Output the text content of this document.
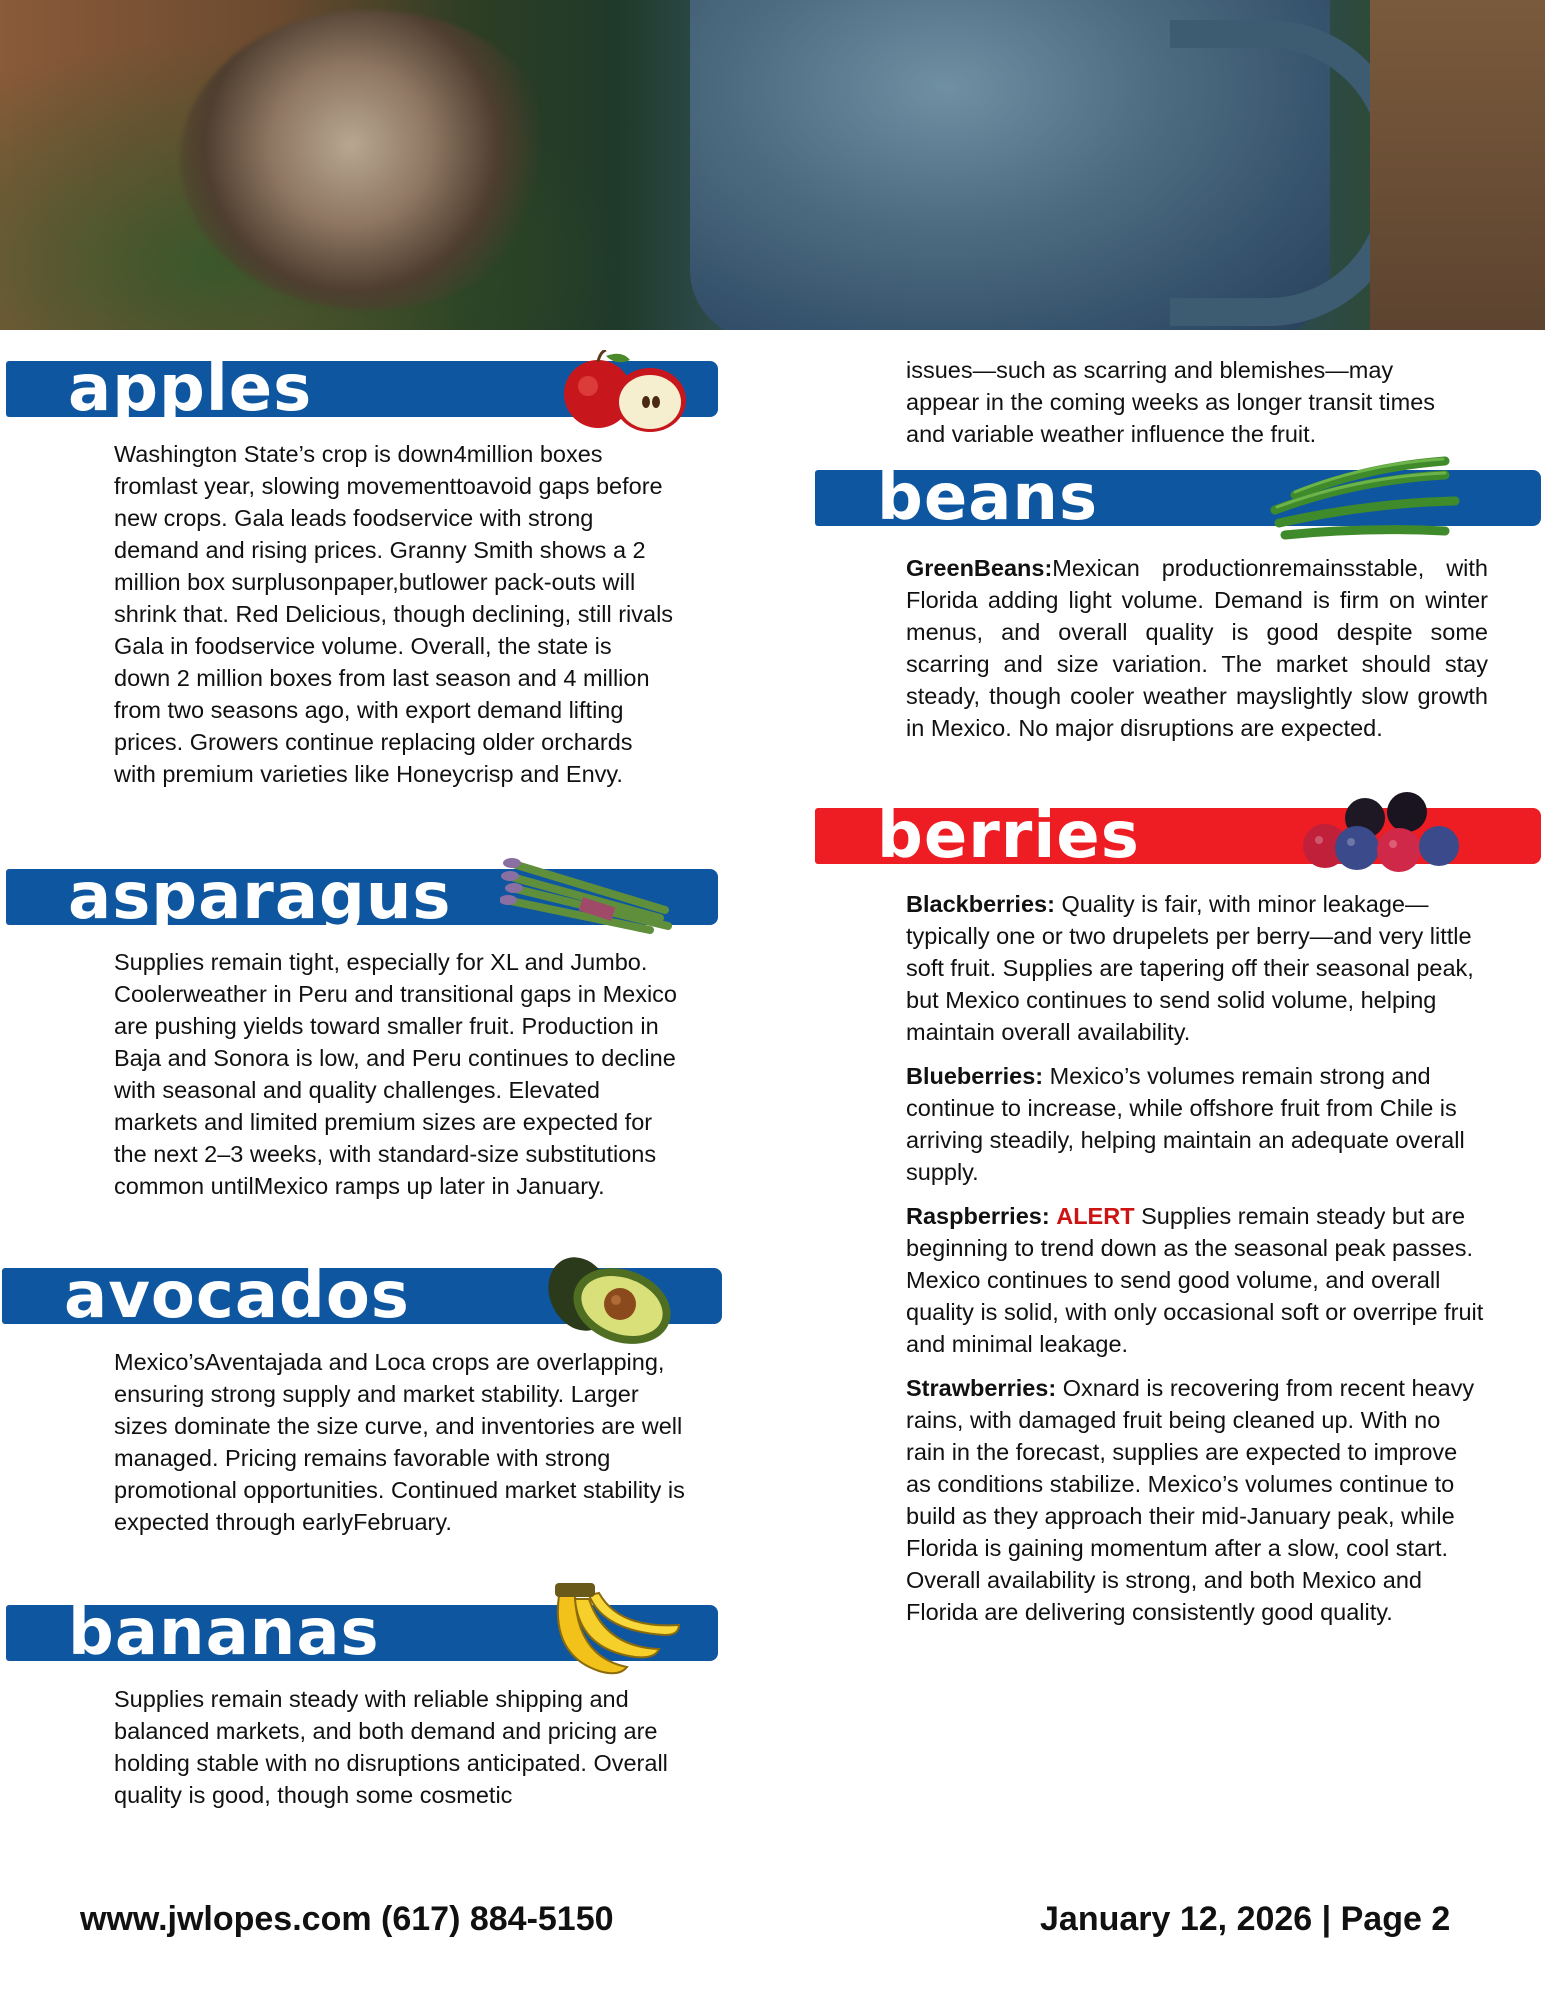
apples

Washington State’s crop is down4million boxes fromlast year, slowing movementtoavoid gaps before new crops. Gala leads foodservice with strong demand and rising prices. Granny Smith shows a 2 million box surplusonpaper,butlower pack-outs will shrink that. Red Delicious, though declining, still rivals Gala in foodservice volume. Overall, the state is down 2 million boxes from last season and 4 million from two seasons ago, with export demand lifting prices. Growers continue replacing older orchards with premium varieties like Honeycrisp and Envy.

asparagus

Supplies remain tight, especially for XL and Jumbo. Coolerweather in Peru and transitional gaps in Mexico are pushing yields toward smaller fruit. Production in Baja and Sonora is low, and Peru continues to decline with seasonal and quality challenges. Elevated markets and limited premium sizes are expected for the next 2–3 weeks, with standard-size substitutions common untilMexico ramps up later in January.

avocados

Mexico’sAventajada and Loca crops are overlapping, ensuring strong supply and market stability. Larger sizes dominate the size curve, and inventories are well managed. Pricing remains favorable with strong promotional opportunities. Continued market stability is expected through earlyFebruary.

bananas

Supplies remain steady with reliable shipping and balanced markets, and both demand and pricing are holding stable with no disruptions anticipated. Overall quality is good, though some cosmetic

issues—such as scarring and blemishes—may appear in the coming weeks as longer transit times and variable weather influence the fruit.

beans

GreenBeans:Mexican productionremainsstable, with Florida adding light volume. Demand is firm on winter menus, and overall quality is good despite some scarring and size variation. The market should stay steady, though cooler weather mayslightly slow growth in Mexico. No major disruptions are expected.

berries

Blackberries: Quality is fair, with minor leakage—typically one or two drupelets per berry—and very little soft fruit. Supplies are tapering off their seasonal peak, but Mexico continues to send solid volume, helping maintain overall availability.

Blueberries: Mexico’s volumes remain strong and continue to increase, while offshore fruit from Chile is arriving steadily, helping maintain an adequate overall supply.

Raspberries: ALERT Supplies remain steady but are beginning to trend down as the seasonal peak passes. Mexico continues to send good volume, and overall quality is solid, with only occasional soft or overripe fruit and minimal leakage.

Strawberries: Oxnard is recovering from recent heavy rains, with damaged fruit being cleaned up. With no rain in the forecast, supplies are expected to improve as conditions stabilize. Mexico’s volumes continue to build as they approach their mid-January peak, while Florida is gaining momentum after a slow, cool start. Overall availability is strong, and both Mexico and Florida are delivering consistently good quality.

www.jwlopes.com (617) 884-5150	January 12, 2026 | Page 2
